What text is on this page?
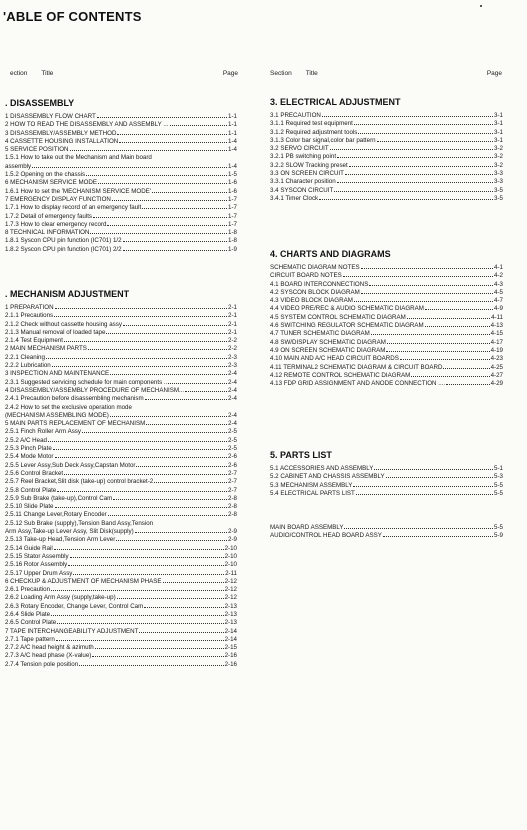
'ABLE OF CONTENTS
ection Title	Page	Section Title	Page
. DISASSEMBLY
1 DISASSEMBLY FLOW CHART	1-1
2 HOW TO READ THE DISASSEMBLY AND ASSEMBLY ...	1-1
3 DISASSEMBLY/ASSEMBLY METHOD	1-1
4 CASSETTE HOUSING INSTALLATION	1-4
5 SERVICE POSITION	1-4
1.5.1 How to take out the Mechanism and Main board
assembly	1-4
1.5.2 Opening on the chassis	1-5
6 MECHANISM SERVICE MODE	1-6
1.6.1 How to set the 'MECHANISM SERVICE MODE'	1-6
7 EMERGENCY DISPLAY FUNCTION	1-7
1.7.1 How to display record of an emergency fault	1-7
1.7.2 Detail of emergency faults	1-7
1.7.3 How to clear emergency record	1-7
8 TECHNICAL INFORMATION	1-8
1.8.1 Syscon CPU pin function (IC701) 1/2	1-8
1.8.2 Syscon CPU pin function (IC701) 2/2	1-9
. MECHANISM ADJUSTMENT
1 PREPARATION	2-1
2.1.1 Precautions	2-1
2.1.2 Check without cassette housing assy	2-1
2.1.3 Manual removal of loaded tape	2-1
2.1.4 Test Equipment	2-2
2 MAIN MECHANISM PARTS	2-2
2.2.1 Cleaning	2-3
2.2.2 Lubrication	2-3
3 INSPECTION AND MAINTENANCE	2-4
2.3.1 Suggested servicing schedule for main components ..	2-4
4 DISASSEMBLY/ASSEMBLY PROCEDURE OF MECHANISM...	2-4
2.4.1 Precaution before disassembling mechanism	2-4
2.4.2 How to set the exclusive operation mode
(MECHANISM ASSEMBLING MODE)	2-4
5 MAIN PARTS REPLACEMENT OF MECHANISM	2-4
2.5.1 Finch Roller Arm Assy	2-5
2.5.2 A/C Head	2-5
2.5.3 Pinch Plate	2-5
2.5.4 Mode Motor	2-6
2.5.5 Lever Assy,Sub Deck Assy,Capstan Motor	2-6
2.5.6 Control Bracket	2-7
2.5.7 Reel Bracket,Slit disk (take-up) control bracket-2	2-7
2.5.8 Control Plate	2-7
2.5.9 Sub Brake (take-up),Control Cam	2-8
2.5.10 Slide Plate	2-8
2.5.11 Change Lever,Rotary Encoder	2-8
2.5.12 Sub Brake (supply),Tension Band Assy,Tension
Arm Assy,Take-up Lever Assy, Slit Disk(supply)	2-9
2.5.13 Take-up Head,Tension Arm Lever	2-9
2.5.14 Guide Rail	2-10
2.5.15 Stator Assembly	2-10
2.5.16 Rotor Assembly	2-10
2.5.17 Upper Drum Assy	2-11
6 CHECKUP & ADJUSTMENT OF MECHANISM PHASE	2-12
2.6.1 Precaution	2-12
2.6.2 Loading Arm Assy (supply,take-up)	2-12
2.6.3 Rotary Encoder, Change Lever, Control Cam	2-13
2.6.4 Slide Plate	2-13
2.6.5 Control Plate	2-13
7 TAPE INTERCHANGEABILITY ADJUSTMENT	2-14
2.7.1 Tape pattern	2-14
2.7.2 A/C head height & azimuth	2-15
2.7.3 A/C head phase (X-value)	2-16
2.7.4 Tension pole position	2-16
3. ELECTRICAL ADJUSTMENT
3.1 PRECAUTION	3-1
3.1.1 Required test equipment	3-1
3.1.2 Required adjustment tools	3-1
3.1.3 Color bar signal,color bar pattern	3-1
3.2 SERVO CIRCUIT	3-2
3.2.1 PB switching point	3-2
3.2.2 SLOW Tracking preset	3-2
3.3 ON SCREEN CIRCUIT	3-3
3.3.1 Character position	3-3
3.4 SYSCON CIRCUIT	3-5
3.4.1 Timer Clock	3-5
4. CHARTS AND DIAGRAMS
SCHEMATIC DIAGRAM NOTES	4-1
CIRCUIT BOARD NOTES	4-2
4.1 BOARD INTERCONNECTIONS	4-3
4.2 SYSCON BLOCK DIAGRAM	4-5
4.3 VIDEO BLOCK DIAGRAM	4-7
4.4 VIDEO PRE/REC & AUDIO SCHEMATIC DIAGRAM	4-9
4.5 SYSTEM CONTROL SCHEMATIC DIAGRAM	4-11
4.6 SWITCHING REGULATOR SCHEMATIC DIAGRAM	4-13
4.7 TUNER SCHEMATIC DIAGRAM	4-15
4.8 SW/DISPLAY SCHEMATIC DIAGRAM	4-17
4.9 ON SCREEN SCHEMATIC DIAGRAM	4-19
4.10 MAIN AND A/C HEAD CIRCUIT BOARDS	4-23
4.11 TERMINAL2 SCHEMATIC DIAGRAM & CIRCUIT BOARD	4-25
4.12 REMOTE CONTROL SCHEMATIC DIAGRAM	4-27
4.13 FDP GRID ASSIGNMENT AND ANODE CONNECTION ....	4-29
5. PARTS LIST
5.1 ACCESSORIES AND ASSEMBLY	5-1
5.2 CABINET AND CHASSIS ASSEMBLY	5-3
5.3 MECHANISM ASSEMBLY	5-5
5.4 ELECTRICAL PARTS LIST	5-5
MAIN BOARD ASSEMBLY	5-5
AUDIO/CONTROL HEAD BOARD ASSY	5-9
